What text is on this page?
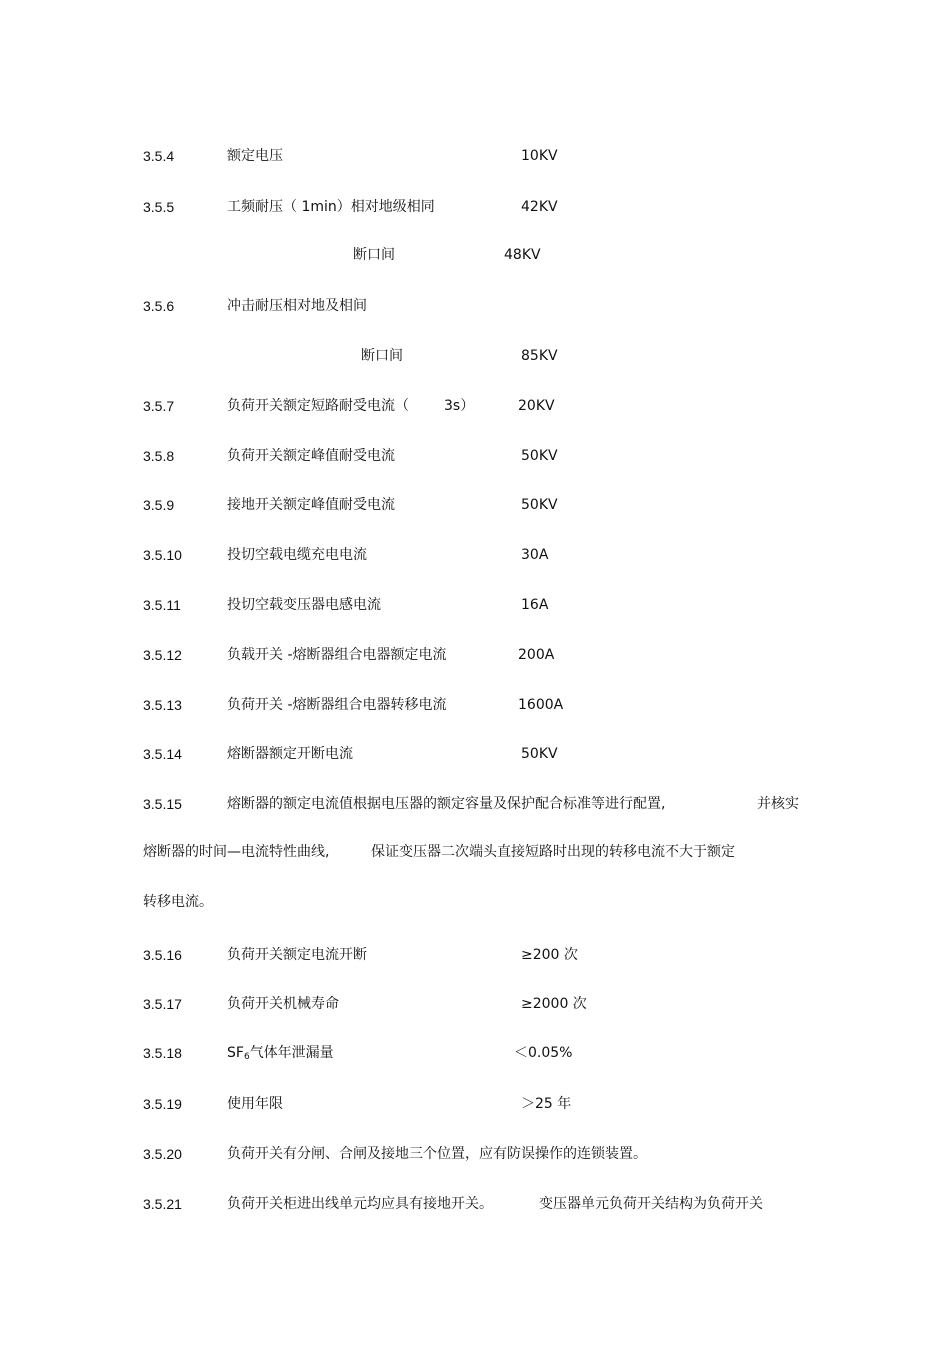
3.5.4	额定电压	10KV
3.5.5	工频耐压（ 1min）相对地级相同	42KV
断口间	48KV
3.5.6	冲击耐压相对地及相间
断口间	85KV
3.5.7	负荷开关额定短路耐受电流（	3s）	20KV
3.5.8	负荷开关额定峰值耐受电流	50KV
3.5.9	接地开关额定峰值耐受电流	50KV
3.5.10	投切空载电缆充电电流	30A
3.5.11	投切空载变压器电感电流	16A
3.5.12	负载开关 -熔断器组合电器额定电流	200A
3.5.13	负荷开关 -熔断器组合电器转移电流	1600A
3.5.14	熔断器额定开断电流	50KV
3.5.15	熔断器的额定电流值根据电压器的额定容量及保护配合标准等进行配置,	并核实
熔断器的时间—电流特性曲线,	保证变压器二次端头直接短路时出现的转移电流不大于额定
转移电流。
3.5.16	负荷开关额定电流开断	≥200 次
3.5.17	负荷开关机械寿命	≥2000 次
3.5.18	$SF_6$气体年泄漏量	＜0.05%
3.5.19	使用年限	＞25 年
3.5.20	负荷开关有分闸、合闸及接地三个位置，应有防误操作的连锁装置。
3.5.21	负荷开关柜进出线单元均应具有接地开关。	变压器单元负荷开关结构为负荷开关
